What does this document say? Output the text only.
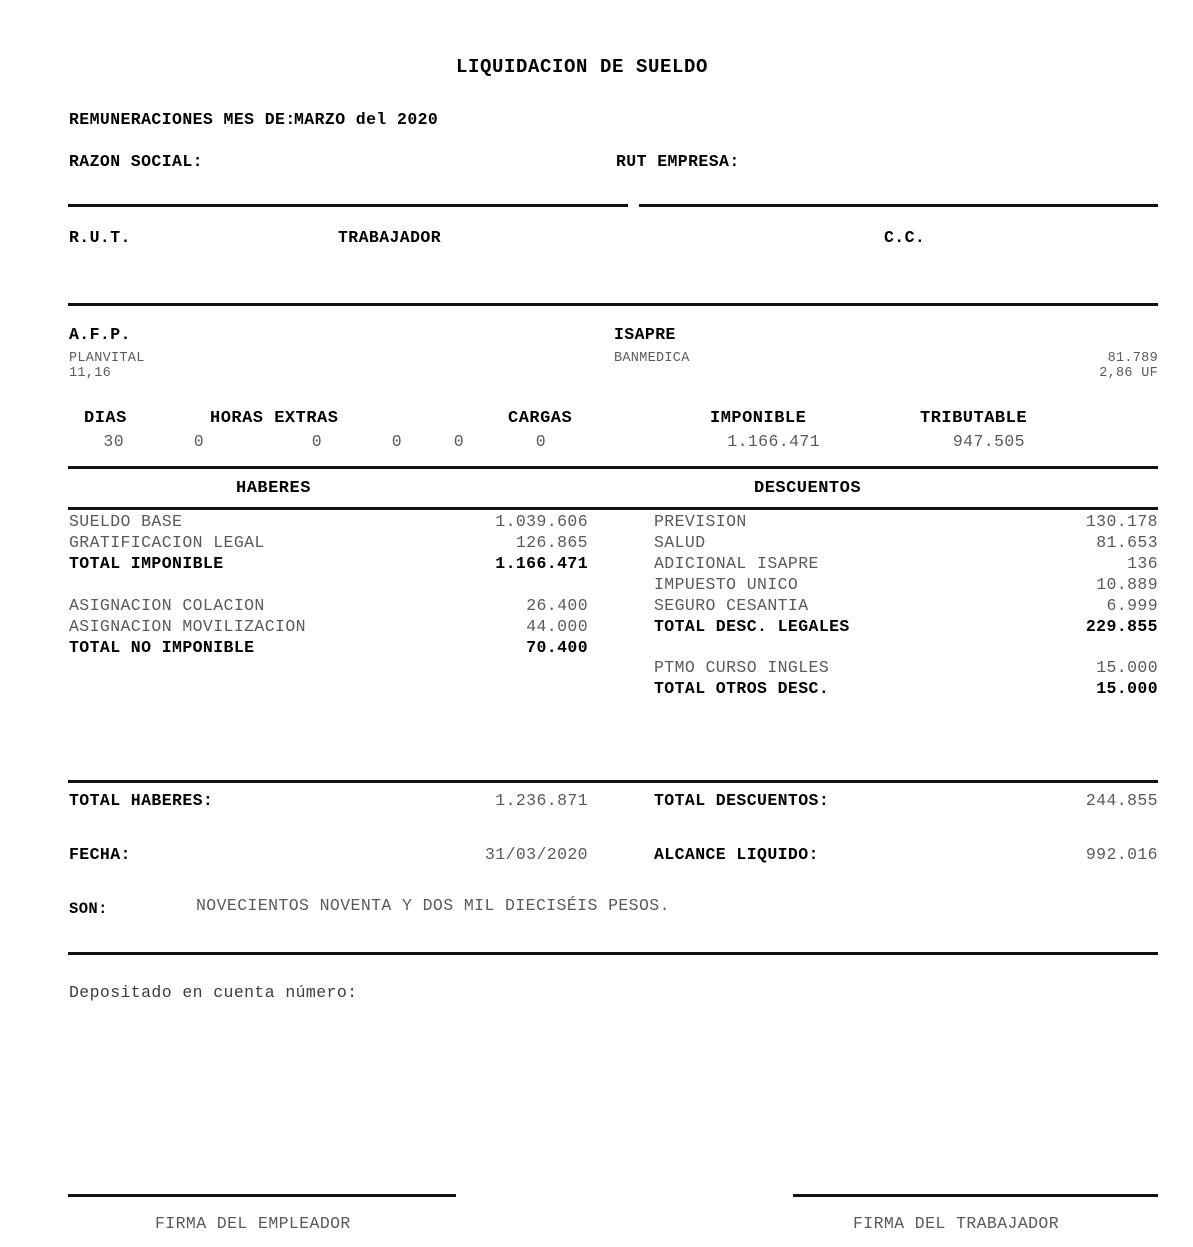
LIQUIDACION DE SUELDO
REMUNERACIONES MES DE:
MARZO del 2020
RAZON SOCIAL:	RUT EMPRESA:
R.U.T.	TRABAJADOR	C.C.
A.F.P.
PLANVITAL
11,16
ISAPRE
BANMEDICA	81.789
2,86 UF
DIAS	HORAS EXTRAS	CARGAS	IMPONIBLE	TRIBUTABLE
30	0	0	0	0	0	1.166.471	947.505
HABERES	DESCUENTOS
SUELDO BASE	1.039.606
GRATIFICACION LEGAL	126.865
TOTAL IMPONIBLE	1.166.471
ASIGNACION COLACION	26.400
ASIGNACION MOVILIZACION	44.000
TOTAL NO IMPONIBLE	70.400
PREVISION	130.178
SALUD	81.653
ADICIONAL ISAPRE	136
IMPUESTO UNICO	10.889
SEGURO CESANTIA	6.999
TOTAL DESC. LEGALES	229.855
PTMO CURSO INGLES	15.000
TOTAL OTROS DESC.	15.000
TOTAL HABERES:	1.236.871	TOTAL DESCUENTOS:	244.855
FECHA:	31/03/2020	ALCANCE LIQUIDO:	992.016
SON:	NOVECIENTOS NOVENTA Y DOS MIL DIECISÉIS PESOS.
Depositado en cuenta número:
FIRMA DEL EMPLEADOR	FIRMA DEL TRABAJADOR
